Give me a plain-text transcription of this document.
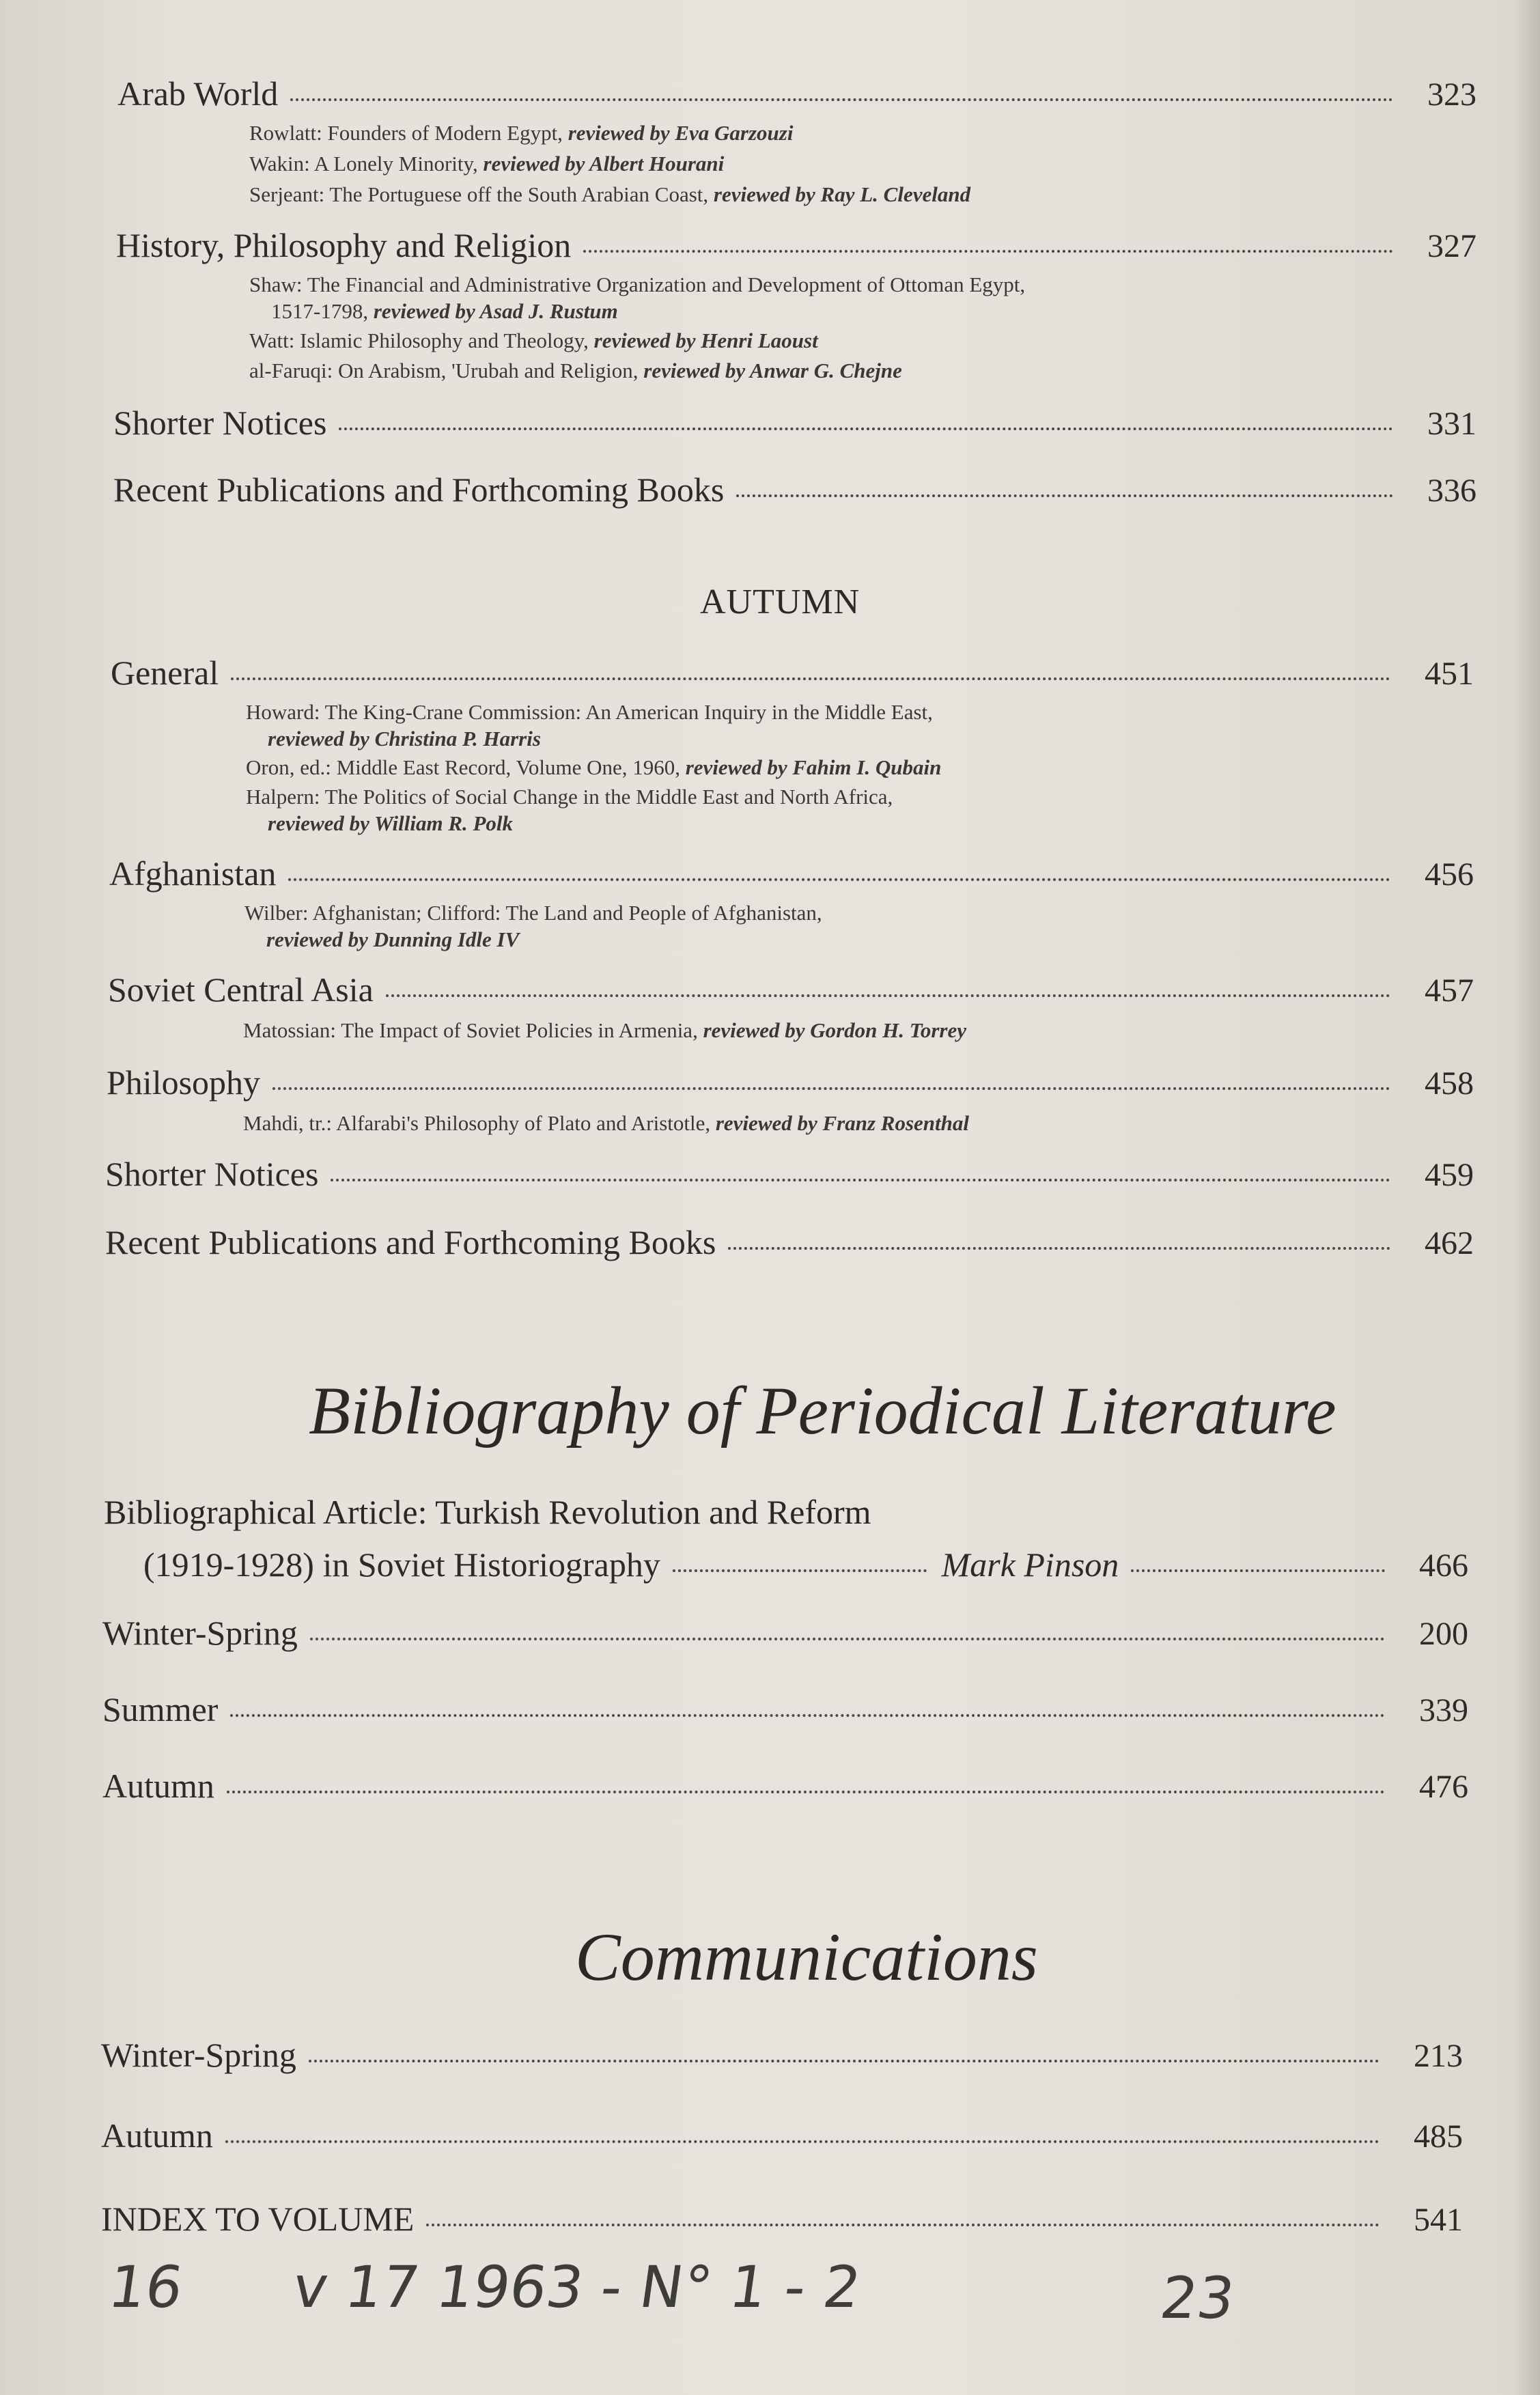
Arab World	323
Rowlatt: Founders of Modern Egypt, reviewed by Eva Garzouzi
Wakin: A Lonely Minority, reviewed by Albert Hourani
Serjeant: The Portuguese off the South Arabian Coast, reviewed by Ray L. Cleveland
History, Philosophy and Religion	327
Shaw: The Financial and Administrative Organization and Development of Ottoman Egypt,
1517-1798, reviewed by Asad J. Rustum
Watt: Islamic Philosophy and Theology, reviewed by Henri Laoust
al-Faruqi: On Arabism, 'Urubah and Religion, reviewed by Anwar G. Chejne
Shorter Notices	331
Recent Publications and Forthcoming Books	336
AUTUMN
General	451
Howard: The King-Crane Commission: An American Inquiry in the Middle East,
reviewed by Christina P. Harris
Oron, ed.: Middle East Record, Volume One, 1960, reviewed by Fahim I. Qubain
Halpern: The Politics of Social Change in the Middle East and North Africa,
reviewed by William R. Polk
Afghanistan	456
Wilber: Afghanistan; Clifford: The Land and People of Afghanistan,
reviewed by Dunning Idle IV
Soviet Central Asia	457
Matossian: The Impact of Soviet Policies in Armenia, reviewed by Gordon H. Torrey
Philosophy	458
Mahdi, tr.: Alfarabi's Philosophy of Plato and Aristotle, reviewed by Franz Rosenthal
Shorter Notices	459
Recent Publications and Forthcoming Books	462
Bibliography of Periodical Literature
Bibliographical Article: Turkish Revolution and Reform
(1919-1928) in Soviet Historiography	Mark Pinson	466
Winter-Spring	200
Summer	339
Autumn	476
Communications
Winter-Spring	213
Autumn	485
INDEX TO VOLUME	541
16 v 17 1963 - N° 1 - 2	23
